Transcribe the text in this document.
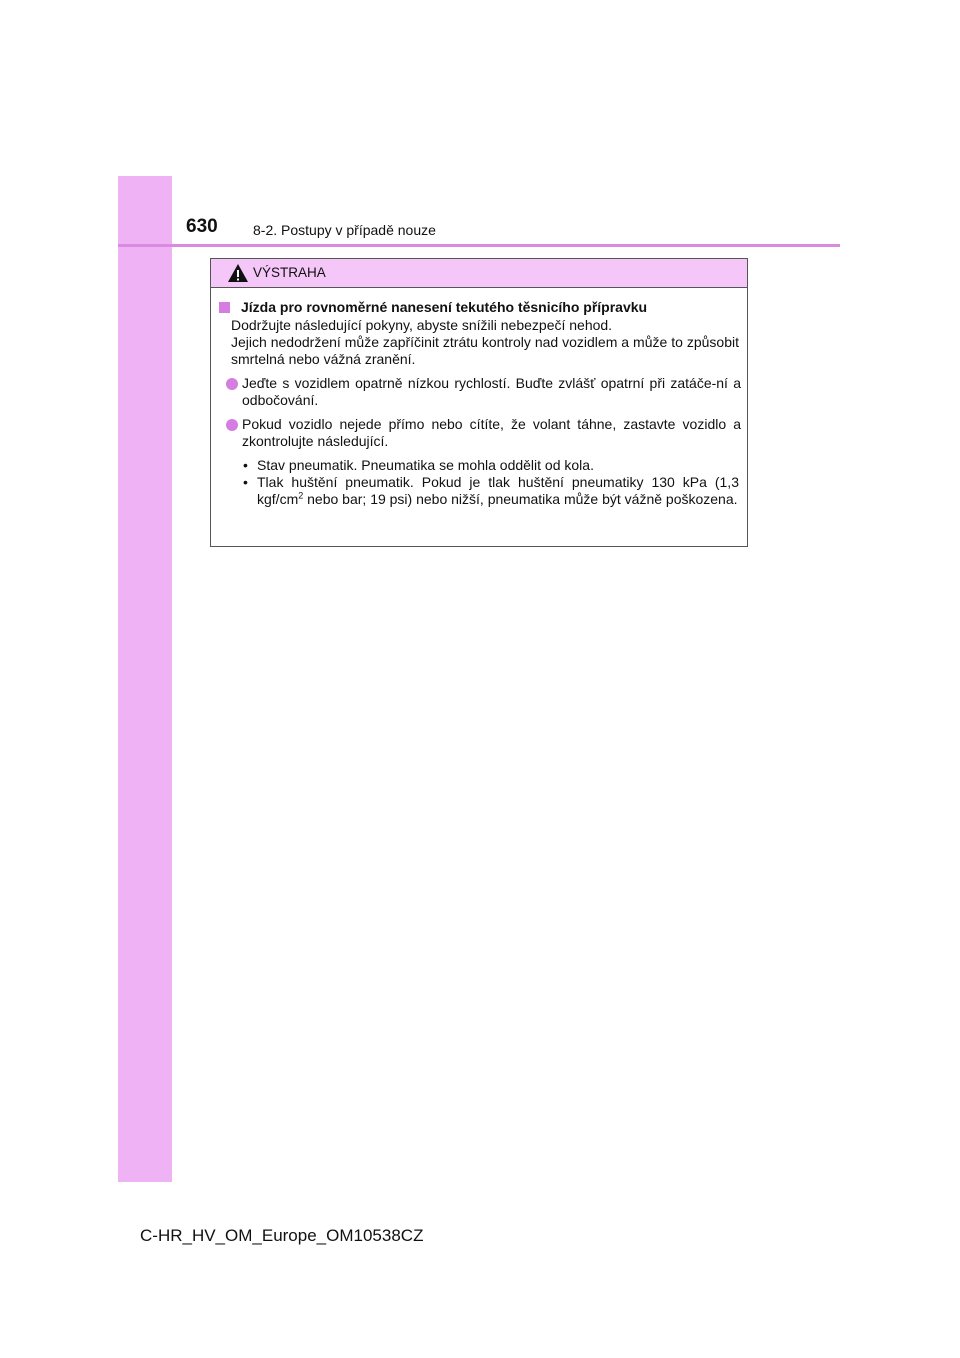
630	8-2. Postupy v případě nouze
VÝSTRAHA
Jízda pro rovnoměrné nanesení tekutého těsnicího přípravku
Dodržujte následující pokyny, abyste snížili nebezpečí nehod.
Jejich nedodržení může zapříčinit ztrátu kontroly nad vozidlem a může to způsobit smrtelná nebo vážná zranění.
Jeďte s vozidlem opatrně nízkou rychlostí. Buďte zvlášť opatrní při zatáče-ní a odbočování.
Pokud vozidlo nejede přímo nebo cítíte, že volant táhne, zastavte vozidlo a zkontrolujte následující.
• Stav pneumatik. Pneumatika se mohla oddělit od kola.
• Tlak huštění pneumatik. Pokud je tlak huštění pneumatiky 130 kPa (1,3 kgf/$cm^2$ nebo bar; 19 psi) nebo nižší, pneumatika může být vážně poškozena.
C-HR_HV_OM_Europe_OM10538CZ
